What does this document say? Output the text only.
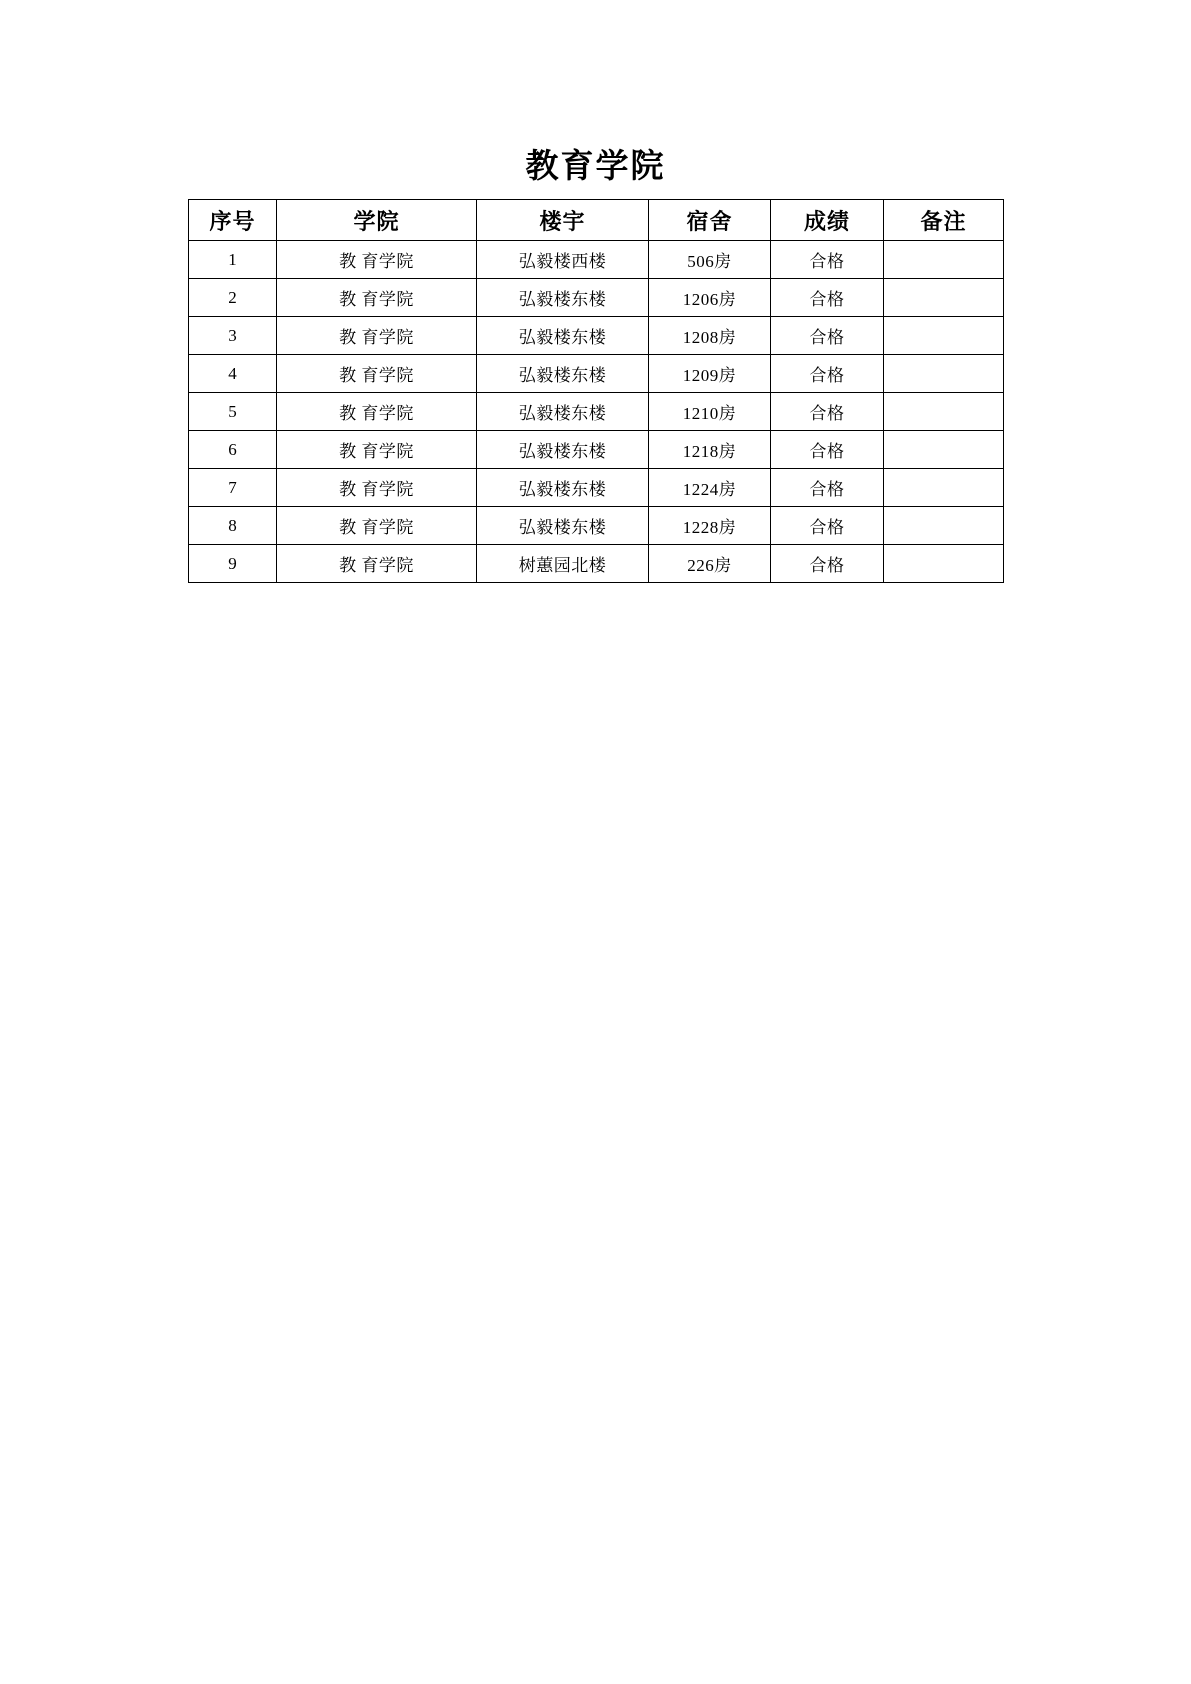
教育学院
序号	学院	楼宇	宿舍	成绩	备注
1	教 育学院	弘毅楼西楼	506房	合格	
2	教 育学院	弘毅楼东楼	1206房	合格	
3	教 育学院	弘毅楼东楼	1208房	合格	
4	教 育学院	弘毅楼东楼	1209房	合格	
5	教 育学院	弘毅楼东楼	1210房	合格	
6	教 育学院	弘毅楼东楼	1218房	合格	
7	教 育学院	弘毅楼东楼	1224房	合格	
8	教 育学院	弘毅楼东楼	1228房	合格	
9	教 育学院	树蕙园北楼	226房	合格	
